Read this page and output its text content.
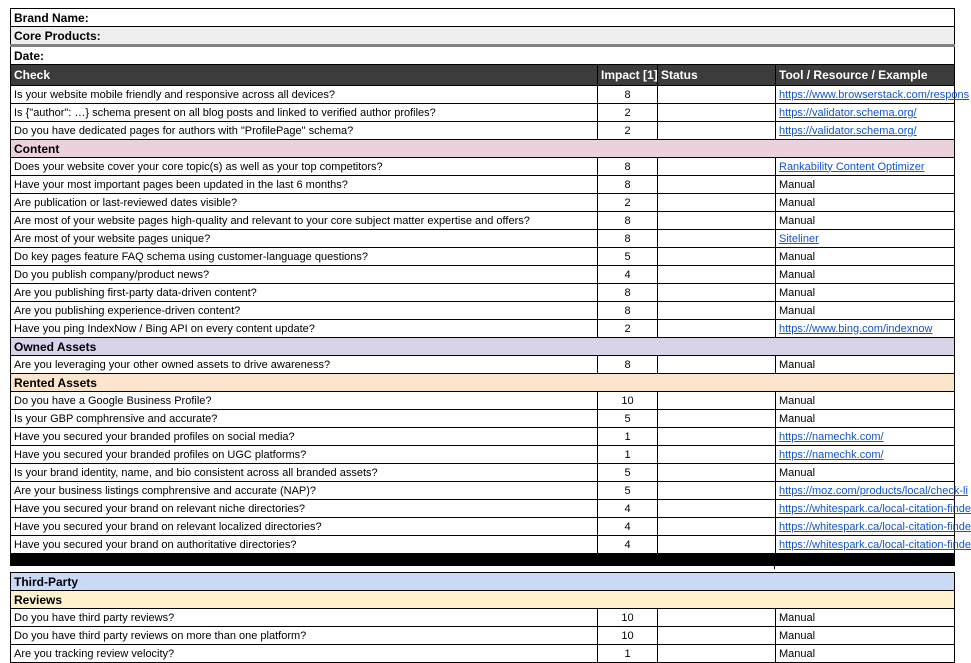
Brand Name:			
Core Products:			
Date:			
Check	Impact [1]	Status	Tool / Resource / Example
Is your website mobile friendly and responsive across all devices?	8		https://www.browserstack.com/respons
Is {"author": …} schema present on all blog posts and linked to verified author profiles?	2		https://validator.schema.org/
Do you have dedicated pages for authors with "ProfilePage" schema?	2		https://validator.schema.org/
Content			
Does your website cover your core topic(s) as well as your top competitors?	8		Rankability Content Optimizer
Have your most important pages been updated in the last 6 months?	8		Manual
Are publication or last-reviewed dates visible?	2		Manual
Are most of your website pages high-quality and relevant to your core subject matter expertise and offers?	8		Manual
Are most of your website pages unique?	8		Siteliner
Do key pages feature FAQ schema using customer-language questions?	5		Manual
Do you publish company/product news?	4		Manual
Are you publishing first-party data-driven content?	8		Manual
Are you publishing experience-driven content?	8		Manual
Have you ping IndexNow / Bing API on every content update?	2		https://www.bing.com/indexnow
Owned Assets			
Are you leveraging your other owned assets to drive awareness?	8		Manual
Rented Assets			
Do you have a Google Business Profile?	10		Manual
Is your GBP comphrensive and accurate?	5		Manual
Have you secured your branded profiles on social media?	1		https://namechk.com/
Have you secured your branded profiles on UGC platforms?	1		https://namechk.com/
Is your brand identity, name, and bio consistent across all branded assets?	5		Manual
Are your business listings comphrensive and accurate (NAP)?	5		https://moz.com/products/local/check-li
Have you secured your brand on relevant niche directories?	4		https://whitespark.ca/local-citation-finde
Have you secured your brand on relevant localized directories?	4		https://whitespark.ca/local-citation-finde
Have you secured your brand on authoritative directories?	4		https://whitespark.ca/local-citation-finde

Third-Party			
Reviews			
Do you have third party reviews?	10		Manual
Do you have third party reviews on more than one platform?	10		Manual
Are you tracking review velocity?	1		Manual
